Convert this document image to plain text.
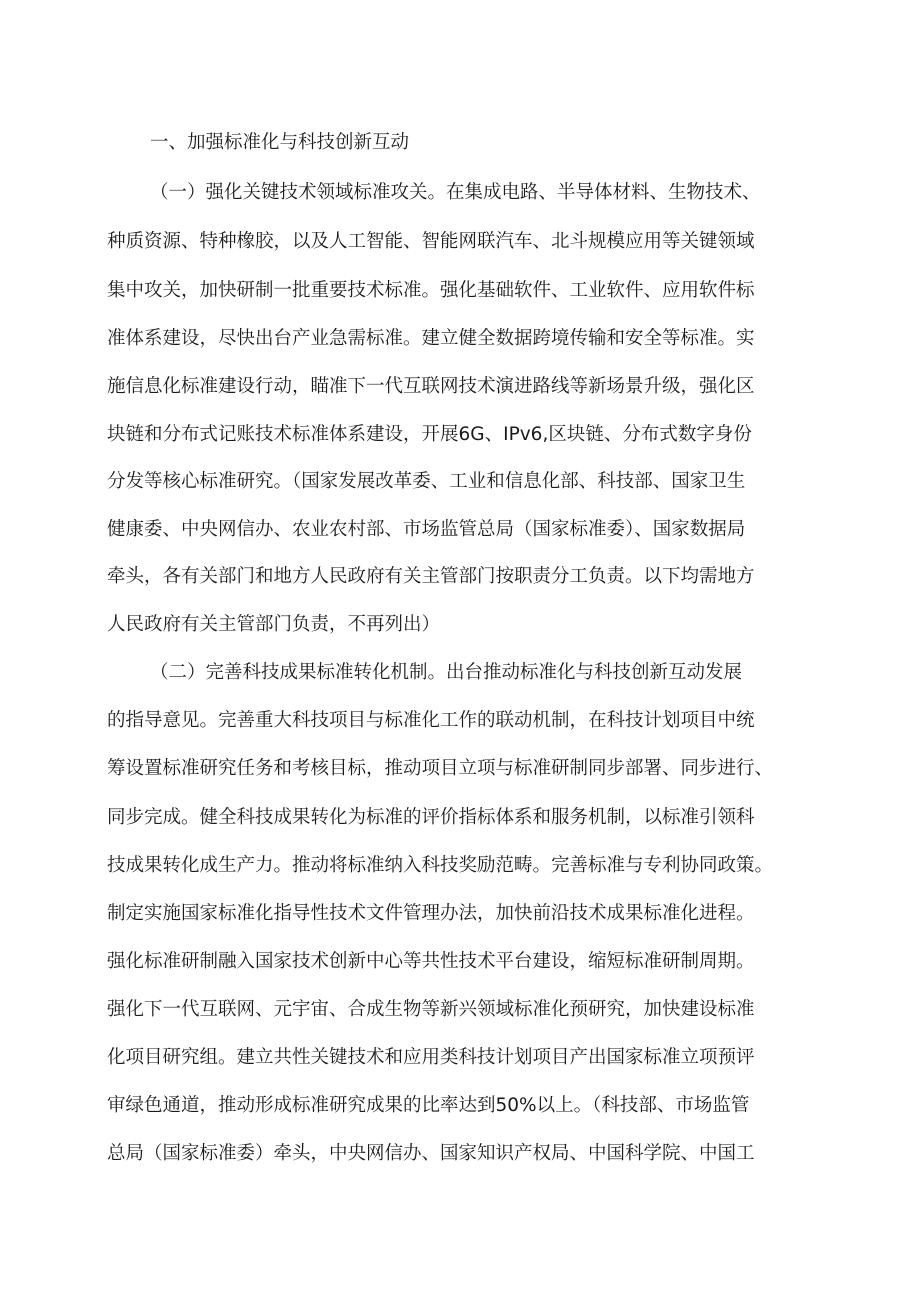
一、加强标准化与科技创新互动

（一）强化关键技术领域标准攻关。在集成电路、半导体材料、生物技术、

种质资源、特种橡胶，以及人工智能、智能网联汽车、北斗规模应用等关键领域

集中攻关，加快研制一批重要技术标准。强化基础软件、工业软件、应用软件标

准体系建设，尽快出台产业急需标准。建立健全数据跨境传输和安全等标准。实

施信息化标准建设行动，瞄准下一代互联网技术演进路线等新场景升级，强化区

块链和分布式记账技术标准体系建设，开展6G、IPv6,区块链、分布式数字身份

分发等核心标准研究。（国家发展改革委、工业和信息化部、科技部、国家卫生

健康委、中央网信办、农业农村部、市场监管总局（国家标准委）、国家数据局

牵头，各有关部门和地方人民政府有关主管部门按职责分工负责。以下均需地方

人民政府有关主管部门负责，不再列出）

（二）完善科技成果标准转化机制。出台推动标准化与科技创新互动发展

的指导意见。完善重大科技项目与标准化工作的联动机制，在科技计划项目中统

筹设置标准研究任务和考核目标，推动项目立项与标准研制同步部署、同步进行、

同步完成。健全科技成果转化为标准的评价指标体系和服务机制，以标准引领科

技成果转化成生产力。推动将标准纳入科技奖励范畴。完善标准与专利协同政策。

制定实施国家标准化指导性技术文件管理办法，加快前沿技术成果标准化进程。

强化标准研制融入国家技术创新中心等共性技术平台建设，缩短标准研制周期。

强化下一代互联网、元宇宙、合成生物等新兴领域标准化预研究，加快建设标准

化项目研究组。建立共性关键技术和应用类科技计划项目产出国家标准立项预评

审绿色通道，推动形成标准研究成果的比率达到50%以上。（科技部、市场监管

总局（国家标准委）牵头，中央网信办、国家知识产权局、中国科学院、中国工
